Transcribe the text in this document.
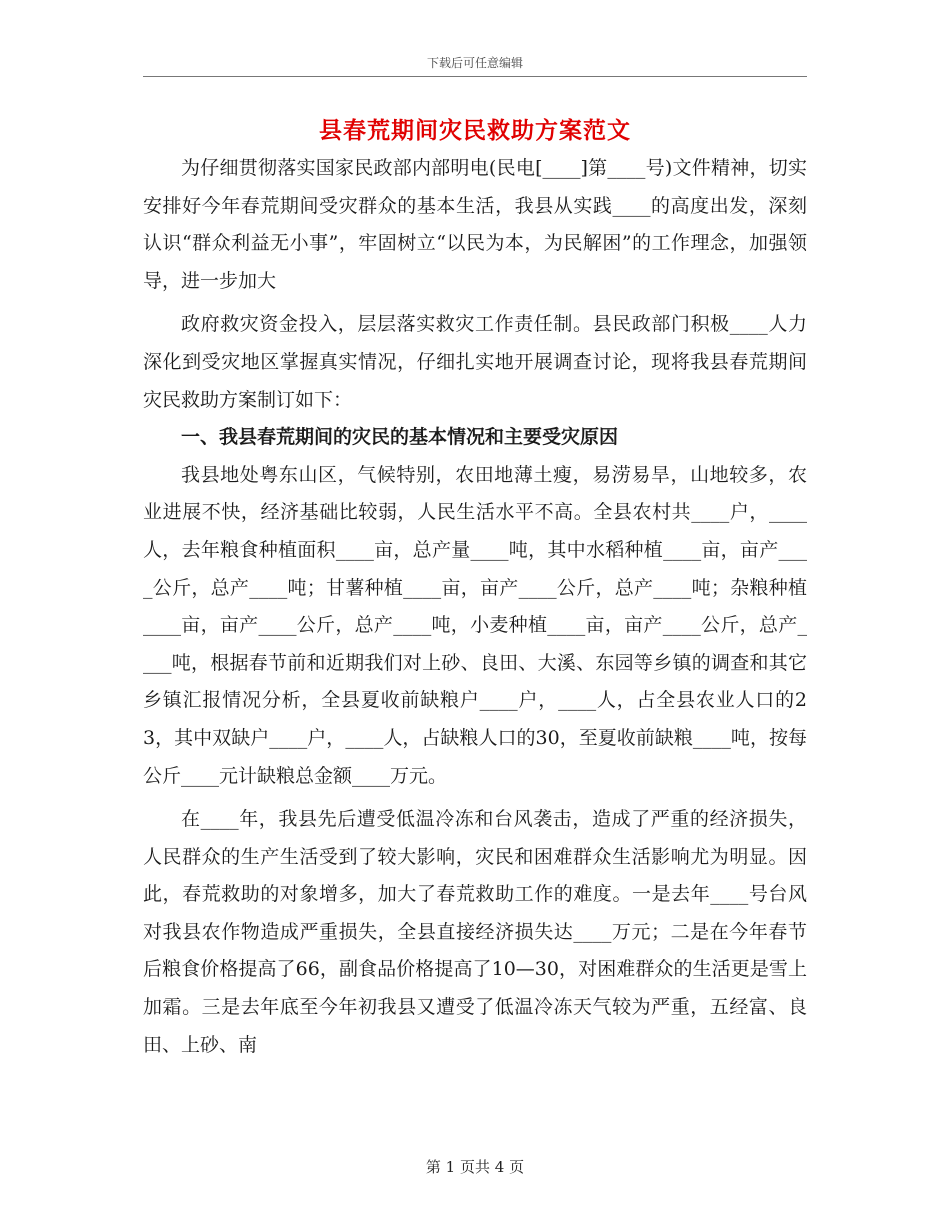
下载后可任意编辑
县春荒期间灾民救助方案范文

为仔细贯彻落实国家民政部内部明电(民电[____]第____号)文件精神，切实安排好今年春荒期间受灾群众的基本生活，我县从实践____的高度出发，深刻认识“群众利益无小事”，牢固树立“以民为本，为民解困”的工作理念，加强领导，进一步加大

政府救灾资金投入，层层落实救灾工作责任制。县民政部门积极____人力深化到受灾地区掌握真实情况，仔细扎实地开展调查讨论，现将我县春荒期间灾民救助方案制订如下：

一、我县春荒期间的灾民的基本情况和主要受灾原因

我县地处粤东山区，气候特别，农田地薄土瘦，易涝易旱，山地较多，农业进展不快，经济基础比较弱，人民生活水平不高。全县农村共____户，____人，去年粮食种植面积____亩，总产量____吨，其中水稻种植____亩，亩产____公斤，总产____吨；甘薯种植____亩，亩产____公斤，总产____吨；杂粮种植____亩，亩产____公斤，总产____吨，小麦种植____亩，亩产____公斤，总产____吨，根据春节前和近期我们对上砂、良田、大溪、东园等乡镇的调查和其它乡镇汇报情况分析，全县夏收前缺粮户____户，____人，占全县农业人口的23，其中双缺户____户，____人，占缺粮人口的30，至夏收前缺粮____吨，按每公斤____元计缺粮总金额____万元。

在____年，我县先后遭受低温冷冻和台风袭击，造成了严重的经济损失，人民群众的生产生活受到了较大影响，灾民和困难群众生活影响尤为明显。因此，春荒救助的对象增多，加大了春荒救助工作的难度。一是去年____号台风对我县农作物造成严重损失，全县直接经济损失达____万元；二是在今年春节后粮食价格提高了66，副食品价格提高了10—30，对困难群众的生活更是雪上加霜。三是去年底至今年初我县又遭受了低温冷冻天气较为严重，五经富、良田、上砂、南

第 1 页共 4 页
